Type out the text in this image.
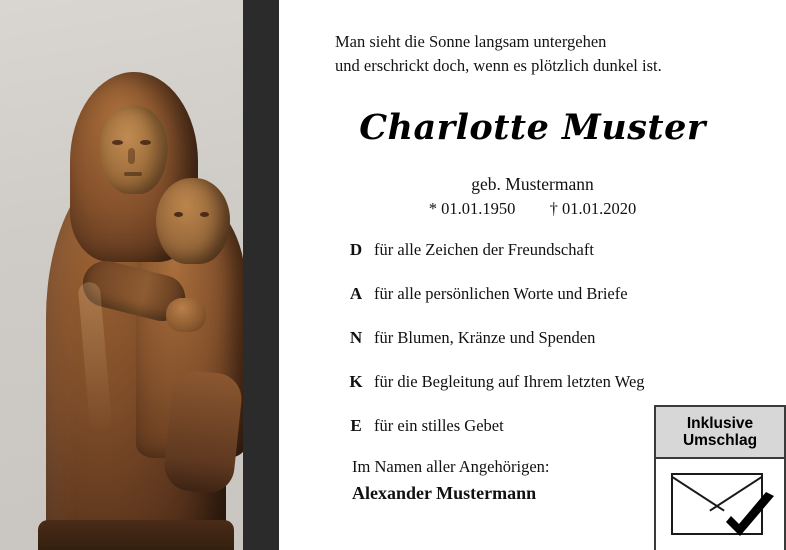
Man sieht die Sonne langsam untergehen
und erschrickt doch, wenn es plötzlich dunkel ist.
Charlotte Muster
geb. Mustermann
* 01.01.1950 † 01.01.2020
D für alle Zeichen der Freundschaft
A für alle persönlichen Worte und Briefe
N für Blumen, Kränze und Spenden
K für die Begleitung auf Ihrem letzten Weg
E für ein stilles Gebet
Im Namen aller Angehörigen:
Alexander Mustermann
Inklusive
Umschlag
